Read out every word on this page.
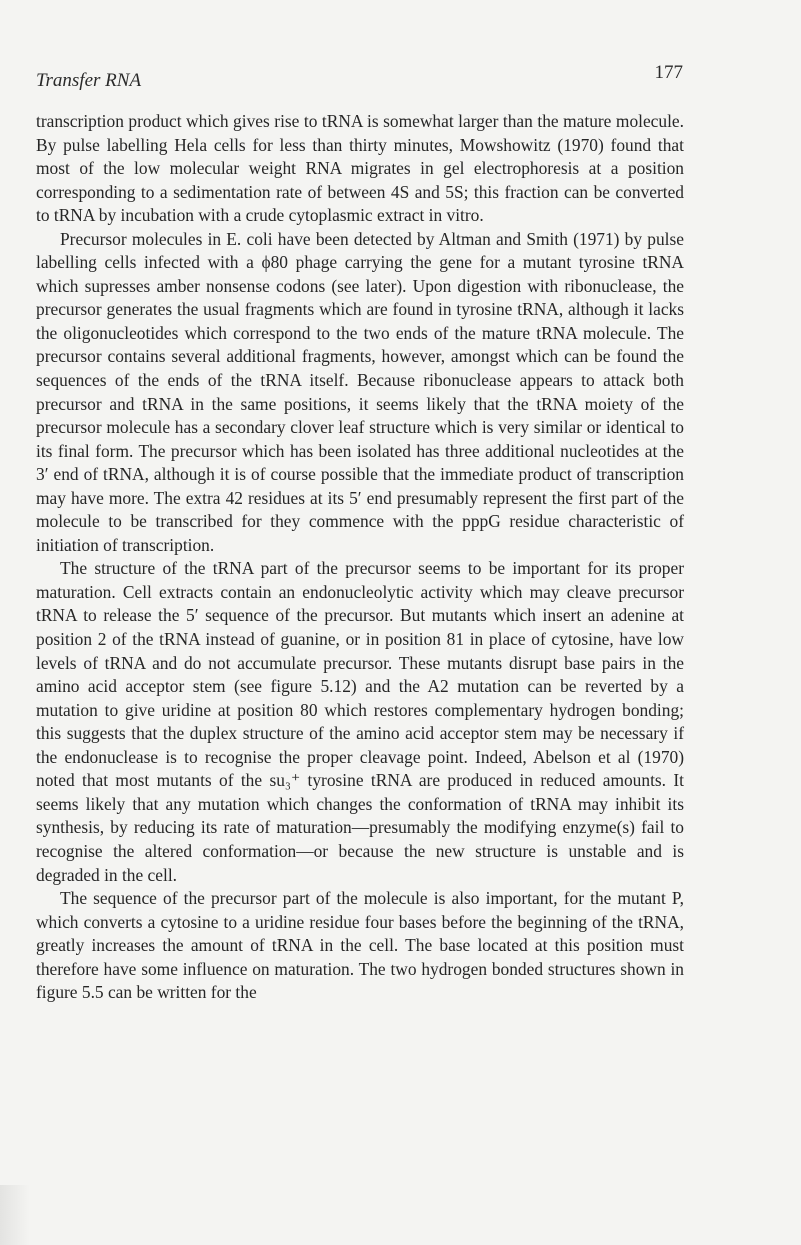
Transfer RNA	177

transcription product which gives rise to tRNA is somewhat larger than the mature molecule. By pulse labelling Hela cells for less than thirty minutes, Mowshowitz (1970) found that most of the low molecular weight RNA migrates in gel electrophoresis at a position corresponding to a sedimentation rate of between 4S and 5S; this fraction can be converted to tRNA by incubation with a crude cytoplasmic extract in vitro.

Precursor molecules in E. coli have been detected by Altman and Smith (1971) by pulse labelling cells infected with a ϕ80 phage carrying the gene for a mutant tyrosine tRNA which supresses amber nonsense codons (see later). Upon digestion with ribonuclease, the precursor generates the usual fragments which are found in tyrosine tRNA, although it lacks the oligonucleotides which correspond to the two ends of the mature tRNA molecule. The precursor contains several additional fragments, however, amongst which can be found the sequences of the ends of the tRNA itself. Because ribonuclease appears to attack both precursor and tRNA in the same positions, it seems likely that the tRNA moiety of the precursor molecule has a secondary clover leaf structure which is very similar or identical to its final form. The precursor which has been isolated has three additional nucleotides at the 3′ end of tRNA, although it is of course possible that the immediate product of transcription may have more. The extra 42 residues at its 5′ end presumably represent the first part of the molecule to be transcribed for they commence with the pppG residue characteristic of initiation of transcription.

The structure of the tRNA part of the precursor seems to be important for its proper maturation. Cell extracts contain an endonucleolytic activity which may cleave precursor tRNA to release the 5′ sequence of the precursor. But mutants which insert an adenine at position 2 of the tRNA instead of guanine, or in position 81 in place of cytosine, have low levels of tRNA and do not accumulate precursor. These mutants disrupt base pairs in the amino acid acceptor stem (see figure 5.12) and the A2 mutation can be reverted by a mutation to give uridine at position 80 which restores complementary hydrogen bonding; this suggests that the duplex structure of the amino acid acceptor stem may be necessary if the endonuclease is to recognise the proper cleavage point. Indeed, Abelson et al (1970) noted that most mutants of the su₃⁺ tyrosine tRNA are produced in reduced amounts. It seems likely that any mutation which changes the conformation of tRNA may inhibit its synthesis, by reducing its rate of maturation—presumably the modifying enzyme(s) fail to recognise the altered conformation—or because the new structure is unstable and is degraded in the cell.

The sequence of the precursor part of the molecule is also important, for the mutant P, which converts a cytosine to a uridine residue four bases before the beginning of the tRNA, greatly increases the amount of tRNA in the cell. The base located at this position must therefore have some influence on maturation. The two hydrogen bonded structures shown in figure 5.5 can be written for the
